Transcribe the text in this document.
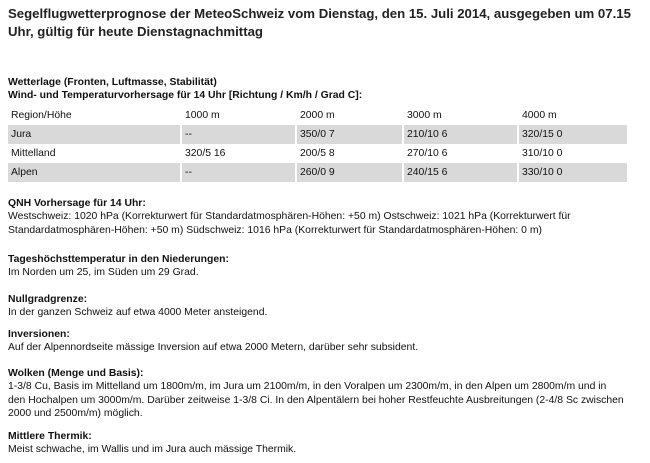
Segelflugwetterprognose der MeteoSchweiz vom Dienstag, den 15. Juli 2014, ausgegeben um 07.15 Uhr, gültig für heute Dienstagnachmittag
Wetterlage (Fronten, Luftmasse, Stabilität)
Wind- und Temperaturvorhersage für 14 Uhr [Richtung / Km/h / Grad C]:
Region/Höhe	1000 m	2000 m	3000 m	4000 m
Jura	--	350/0 7	210/10 6	320/15 0
Mittelland	320/5 16	200/5 8	270/10 6	310/10 0
Alpen	--	260/0 9	240/15 6	330/10 0
QNH Vorhersage für 14 Uhr:
Westschweiz: 1020 hPa (Korrekturwert für Standardatmosphären-Höhen: +50 m) Ostschweiz: 1021 hPa (Korrekturwert für
Standardatmosphären-Höhen: +50 m) Südschweiz: 1016 hPa (Korrekturwert für Standardatmosphären-Höhen: 0 m)
Tageshöchsttemperatur in den Niederungen:
Im Norden um 25, im Süden um 29 Grad.
Nullgradgrenze:
In der ganzen Schweiz auf etwa 4000 Meter ansteigend.
Inversionen:
Auf der Alpennordseite mässige Inversion auf etwa 2000 Metern, darüber sehr subsident.
Wolken (Menge und Basis):
1-3/8 Cu, Basis im Mittelland um 1800m/m, im Jura um 2100m/m, in den Voralpen um 2300m/m, in den Alpen um 2800m/m und in
den Hochalpen um 3000m/m. Darüber zeitweise 1-3/8 Ci. In den Alpentälern bei hoher Restfeuchte Ausbreitungen (2-4/8 Sc zwischen
2000 und 2500m/m) möglich.
Mittlere Thermik:
Meist schwache, im Wallis und im Jura auch mässige Thermik.
